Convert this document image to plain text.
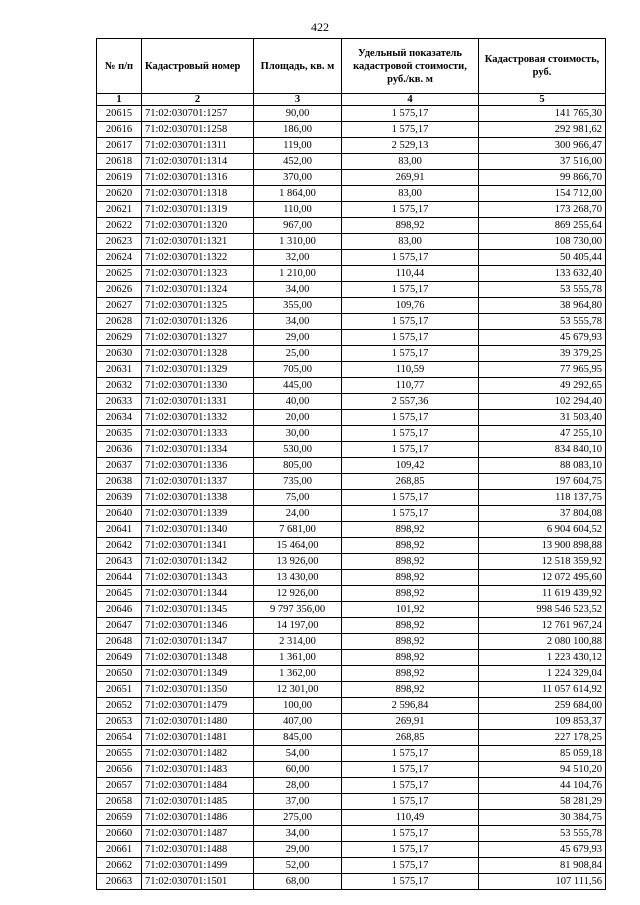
422
№ п/п	Кадастровый номер	Площадь, кв. м	Удельный показатель кадастровой стоимости, руб./кв. м	Кадастровая стоимость, руб.
1	2	3	4	5
20615	71:02:030701:1257	90,00	1 575,17	141 765,30
20616	71:02:030701:1258	186,00	1 575,17	292 981,62
20617	71:02:030701:1311	119,00	2 529,13	300 966,47
20618	71:02:030701:1314	452,00	83,00	37 516,00
20619	71:02:030701:1316	370,00	269,91	99 866,70
20620	71:02:030701:1318	1 864,00	83,00	154 712,00
20621	71:02:030701:1319	110,00	1 575,17	173 268,70
20622	71:02:030701:1320	967,00	898,92	869 255,64
20623	71:02:030701:1321	1 310,00	83,00	108 730,00
20624	71:02:030701:1322	32,00	1 575,17	50 405,44
20625	71:02:030701:1323	1 210,00	110,44	133 632,40
20626	71:02:030701:1324	34,00	1 575,17	53 555,78
20627	71:02:030701:1325	355,00	109,76	38 964,80
20628	71:02:030701:1326	34,00	1 575,17	53 555,78
20629	71:02:030701:1327	29,00	1 575,17	45 679,93
20630	71:02:030701:1328	25,00	1 575,17	39 379,25
20631	71:02:030701:1329	705,00	110,59	77 965,95
20632	71:02:030701:1330	445,00	110,77	49 292,65
20633	71:02:030701:1331	40,00	2 557,36	102 294,40
20634	71:02:030701:1332	20,00	1 575,17	31 503,40
20635	71:02:030701:1333	30,00	1 575,17	47 255,10
20636	71:02:030701:1334	530,00	1 575,17	834 840,10
20637	71:02:030701:1336	805,00	109,42	88 083,10
20638	71:02:030701:1337	735,00	268,85	197 604,75
20639	71:02:030701:1338	75,00	1 575,17	118 137,75
20640	71:02:030701:1339	24,00	1 575,17	37 804,08
20641	71:02:030701:1340	7 681,00	898,92	6 904 604,52
20642	71:02:030701:1341	15 464,00	898,92	13 900 898,88
20643	71:02:030701:1342	13 926,00	898,92	12 518 359,92
20644	71:02:030701:1343	13 430,00	898,92	12 072 495,60
20645	71:02:030701:1344	12 926,00	898,92	11 619 439,92
20646	71:02:030701:1345	9 797 356,00	101,92	998 546 523,52
20647	71:02:030701:1346	14 197,00	898,92	12 761 967,24
20648	71:02:030701:1347	2 314,00	898,92	2 080 100,88
20649	71:02:030701:1348	1 361,00	898,92	1 223 430,12
20650	71:02:030701:1349	1 362,00	898,92	1 224 329,04
20651	71:02:030701:1350	12 301,00	898,92	11 057 614,92
20652	71:02:030701:1479	100,00	2 596,84	259 684,00
20653	71:02:030701:1480	407,00	269,91	109 853,37
20654	71:02:030701:1481	845,00	268,85	227 178,25
20655	71:02:030701:1482	54,00	1 575,17	85 059,18
20656	71:02:030701:1483	60,00	1 575,17	94 510,20
20657	71:02:030701:1484	28,00	1 575,17	44 104,76
20658	71:02:030701:1485	37,00	1 575,17	58 281,29
20659	71:02:030701:1486	275,00	110,49	30 384,75
20660	71:02:030701:1487	34,00	1 575,17	53 555,78
20661	71:02:030701:1488	29,00	1 575,17	45 679,93
20662	71:02:030701:1499	52,00	1 575,17	81 908,84
20663	71:02:030701:1501	68,00	1 575,17	107 111,56
